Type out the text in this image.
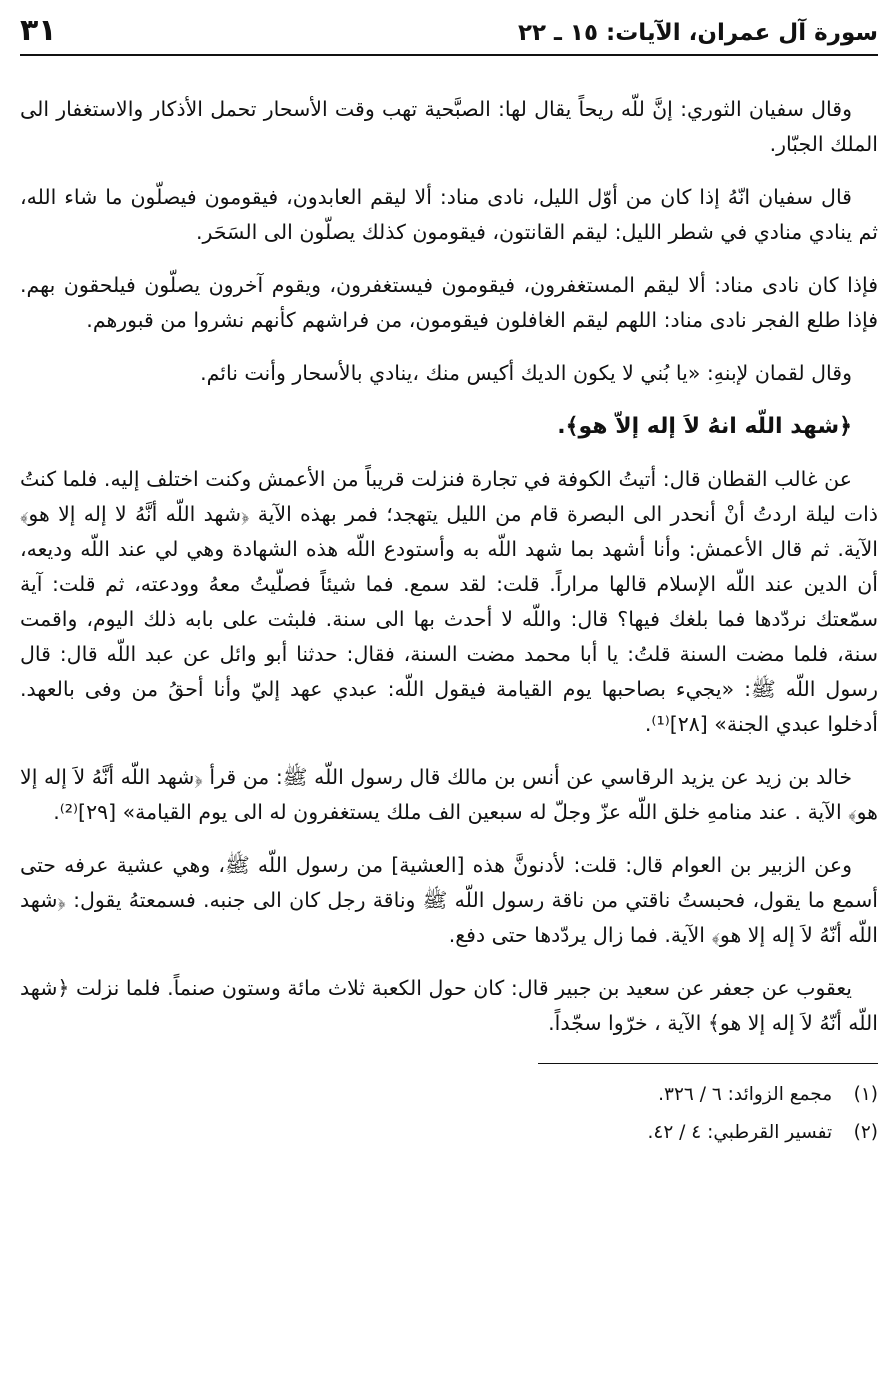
سورة آل عمران، الآيات: ١٥ ـ ٢٢
٣١

وقال سفيان الثوري: إنَّ للّه ريحاً يقال لها: الصبَّحية تهب وقت الأسحار تحمل الأذكار والاستغفار الى الملك الجبّار.

قال سفيان انّهُ إذا كان من أوّل الليل، نادى مناد: ألا ليقم العابدون، فيقومون فيصلّون ما شاء الله، ثم ينادي منادي في شطر الليل: ليقم القانتون، فيقومون كذلك يصلّون الى السَحَر.

فإذا كان نادى مناد: ألا ليقم المستغفرون، فيقومون فيستغفرون، ويقوم آخرون يصلّون فيلحقون بهم. فإذا طلع الفجر نادى مناد: اللهم ليقم الغافلون فيقومون، من فراشهم كأنهم نشروا من قبورهم.

وقال لقمان لإبنهِ: «يا بُني لا يكون الديك أكيس منك ،ينادي بالأسحار وأنت نائم.

﴿شهد اللّه انهُ لاَ إله إلاّ هو﴾.

عن غالب القطان قال: أتيتُ الكوفة في تجارة فنزلت قريباً من الأعمش وكنت اختلف إليه. فلما كنتُ ذات ليلة اردتُ أنْ أنحدر الى البصرة قام من الليل يتهجد؛ فمر بهذه الآية ﴿شهد اللّه أنَّهُ لا إله إلا هو﴾ الآية. ثم قال الأعمش: وأنا أشهد بما شهد اللّه به وأستودع اللّه هذه الشهادة وهي لي عند اللّه وديعه، أن الدين عند اللّه الإسلام قالها مراراً. قلت: لقد سمع. فما شيئاً فصلّيتُ معهُ وودعته، ثم قلت: آية سمّعتك نردّدها فما بلغك فيها؟ قال: واللّه لا أحدث بها الى سنة. فلبثت على بابه ذلك اليوم، واقمت سنة، فلما مضت السنة قلتُ: يا أبا محمد مضت السنة، فقال: حدثنا أبو وائل عن عبد اللّه قال: قال رسول اللّه ﷺ: «يجيء بصاحبها يوم القيامة فيقول اللّه: عبدي عهد إليّ وأنا أحقُ من وفى بالعهد. أدخلوا عبدي الجنة» [٢٨]⁽¹⁾.

خالد بن زيد عن يزيد الرقاسي عن أنس بن مالك قال رسول اللّه ﷺ: من قرأ ﴿شهد اللّه أنَّهُ لاَ إله إلا هو﴾ الآية . عند منامهِ خلق اللّه عزّ وجلّ له سبعين الف ملك يستغفرون له الى يوم القيامة» [٢٩]⁽²⁾.

وعن الزبير بن العوام قال: قلت: لأدنونَّ هذه [العشية] من رسول اللّه ﷺ، وهي عشية عرفه حتى أسمع ما يقول، فحبستُ ناقتي من ناقة رسول اللّه ﷺ وناقة رجل كان الى جنبه. فسمعتهُ يقول: ﴿شهد اللّه أنّهُ لاَ إله إلا هو﴾ الآية. فما زال يردّدها حتى دفع.

يعقوب عن جعفر عن سعيد بن جبير قال: كان حول الكعبة ثلاث مائة وستون صنماً. فلما نزلت ﴿شهد اللّه أنّهُ لاَ إله إلا هو﴾ الآية ، خرّوا سجّداً.

(١) مجمع الزوائد: ٦ / ٣٢٦.
(٢) تفسير القرطبي: ٤ / ٤٢.
